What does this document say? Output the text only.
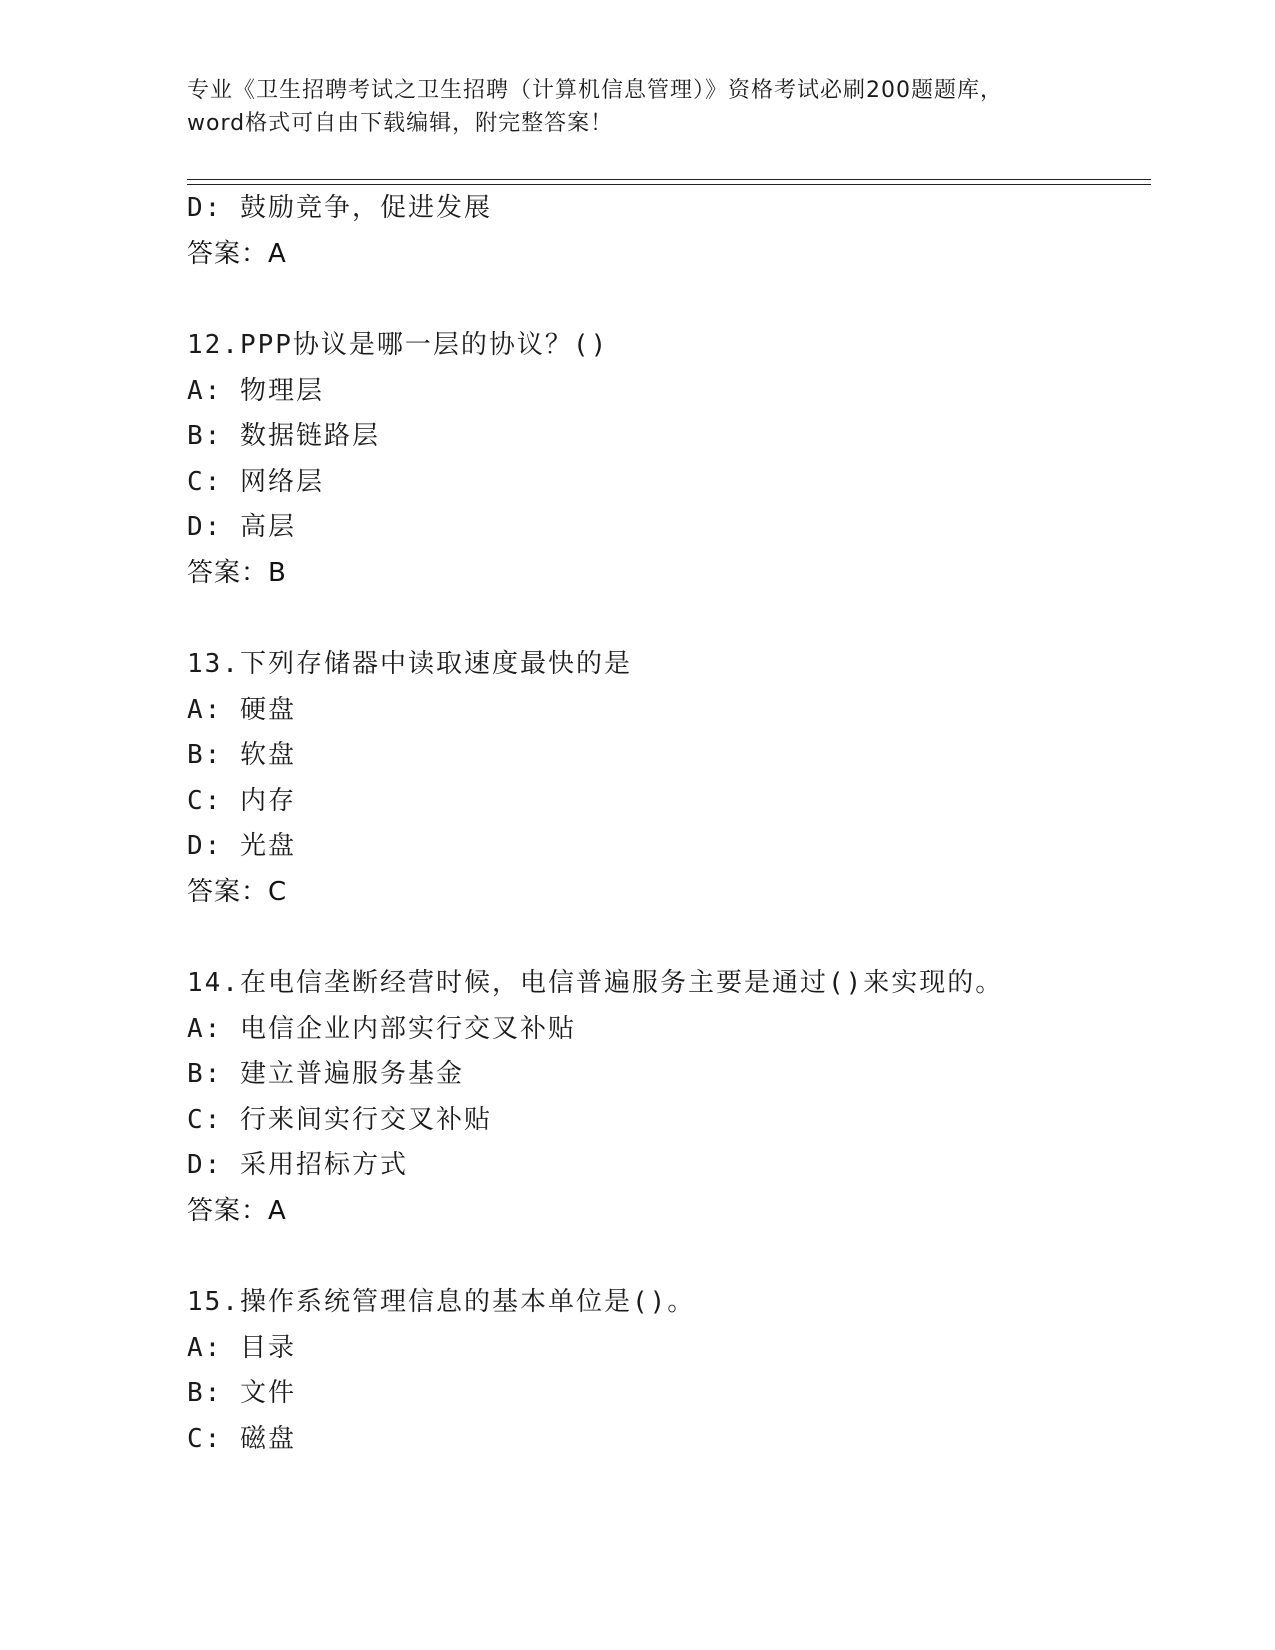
专业《卫生招聘考试之卫生招聘（计算机信息管理）》资格考试必刷200题题库，
word格式可自由下载编辑，附完整答案！
D: 鼓励竞争，促进发展
答案：A
12.PPP协议是哪一层的协议？()
A: 物理层
B: 数据链路层
C: 网络层
D: 高层
答案：B
13.下列存储器中读取速度最快的是
A: 硬盘
B: 软盘
C: 内存
D: 光盘
答案：C
14.在电信垄断经营时候，电信普遍服务主要是通过()来实现的。
A: 电信企业内部实行交叉补贴
B: 建立普遍服务基金
C: 行来间实行交叉补贴
D: 采用招标方式
答案：A
15.操作系统管理信息的基本单位是()。
A: 目录
B: 文件
C: 磁盘
